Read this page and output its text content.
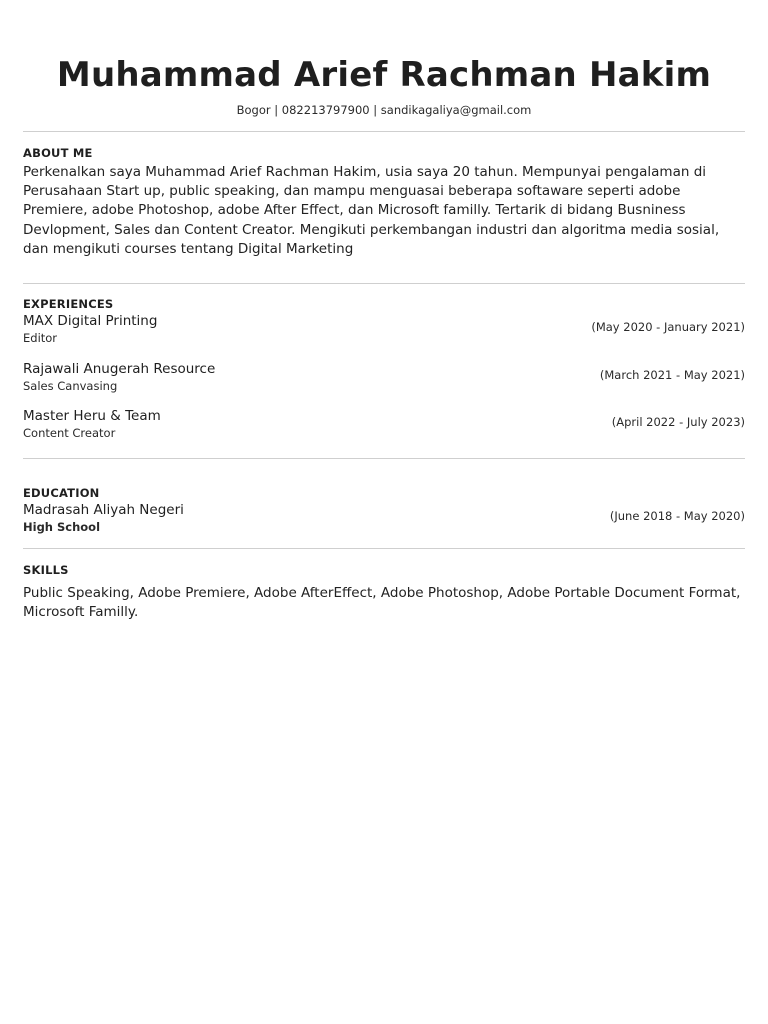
Muhammad Arief Rachman Hakim
Bogor | 082213797900 | sandikagaliya@gmail.com
ABOUT ME
Perkenalkan saya Muhammad Arief Rachman Hakim, usia saya 20 tahun. Mempunyai pengalaman di Perusahaan Start up, public speaking, dan mampu menguasai beberapa softaware seperti adobe Premiere, adobe Photoshop, adobe After Effect, dan Microsoft familly. Tertarik di bidang Busniness Devlopment, Sales dan Content Creator. Mengikuti perkembangan industri dan algoritma media sosial, dan mengikuti courses tentang Digital Marketing
EXPERIENCES
MAX Digital Printing
Editor
(May 2020 - January 2021)
Rajawali Anugerah Resource
Sales Canvasing
(March 2021 - May 2021)
Master Heru & Team
Content Creator
(April 2022 - July 2023)
EDUCATION
Madrasah Aliyah Negeri
High School
(June 2018 - May 2020)
SKILLS
Public Speaking, Adobe Premiere, Adobe AfterEffect, Adobe Photoshop, Adobe Portable Document Format, Microsoft Familly.
